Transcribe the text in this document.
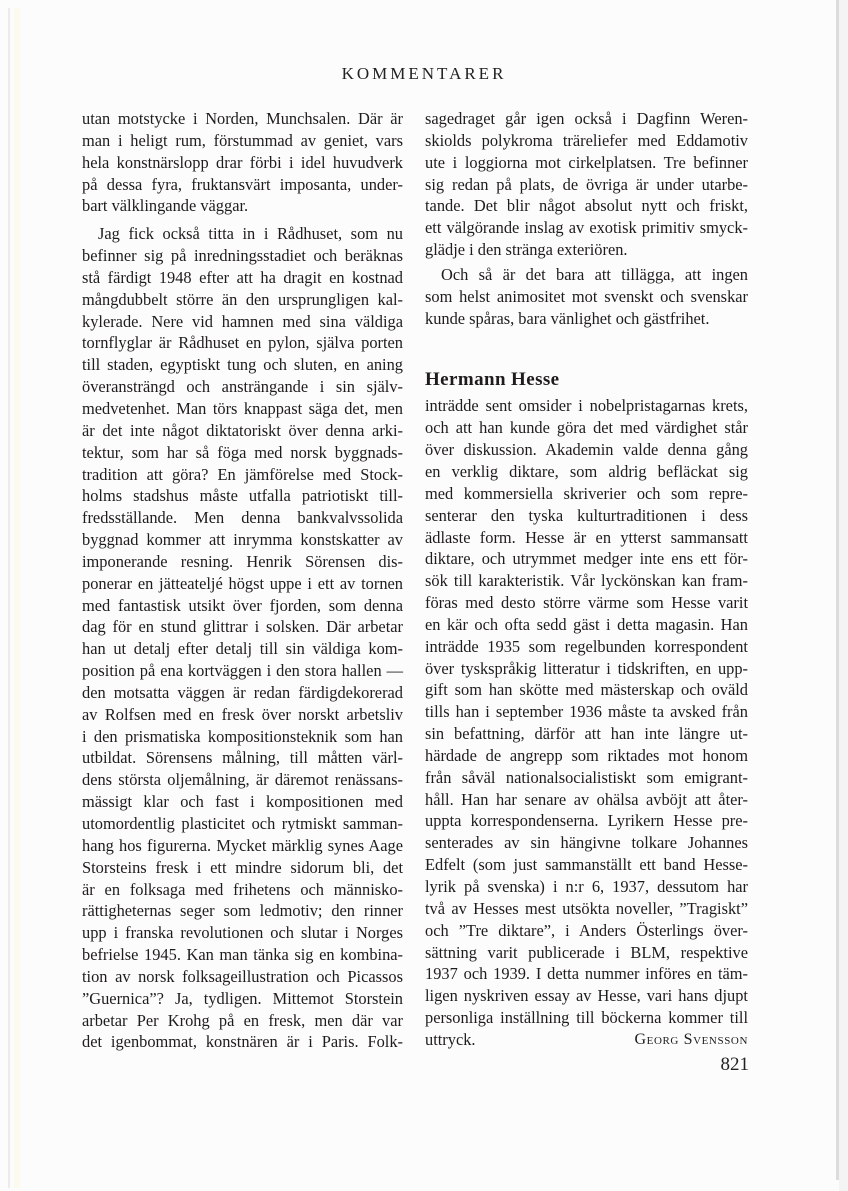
KOMMENTARER
utan motstycke i Norden, Munchsalen. Där är
man i heligt rum, förstummad av geniet, vars
hela konstnärslopp drar förbi i idel huvudverk
på dessa fyra, fruktansvärt imposanta, under-
bart välklingande väggar.
Jag fick också titta in i Rådhuset, som nu
befinner sig på inredningsstadiet och beräknas
stå färdigt 1948 efter att ha dragit en kostnad
mångdubbelt större än den ursprungligen kal-
kylerade. Nere vid hamnen med sina väldiga
tornflyglar är Rådhuset en pylon, själva porten
till staden, egyptiskt tung och sluten, en aning
överansträngd och ansträngande i sin själv-
medvetenhet. Man törs knappast säga det, men
är det inte något diktatoriskt över denna arki-
tektur, som har så föga med norsk byggnads-
tradition att göra? En jämförelse med Stock-
holms stadshus måste utfalla patriotiskt till-
fredsställande. Men denna bankvalvssolida
byggnad kommer att inrymma konstskatter av
imponerande resning. Henrik Sörensen dis-
ponerar en jätteateljé högst uppe i ett av tornen
med fantastisk utsikt över fjorden, som denna
dag för en stund glittrar i solsken. Där arbetar
han ut detalj efter detalj till sin väldiga kom-
position på ena kortväggen i den stora hallen —
den motsatta väggen är redan färdigdekorerad
av Rolfsen med en fresk över norskt arbetsliv
i den prismatiska kompositionsteknik som han
utbildat. Sörensens målning, till måtten värl-
dens största oljemålning, är däremot renässans-
mässigt klar och fast i kompositionen med
utomordentlig plasticitet och rytmiskt samman-
hang hos figurerna. Mycket märklig synes Aage
Storsteins fresk i ett mindre sidorum bli, det
är en folksaga med frihetens och människo-
rättigheternas seger som ledmotiv; den rinner
upp i franska revolutionen och slutar i Norges
befrielse 1945. Kan man tänka sig en kombina-
tion av norsk folksageillustration och Picassos
”Guernica”? Ja, tydligen. Mittemot Storstein
arbetar Per Krohg på en fresk, men där var
det igenbommat, konstnären är i Paris. Folk-
sagedraget går igen också i Dagfinn Weren-
skiolds polykroma träreliefer med Eddamotiv
ute i loggiorna mot cirkelplatsen. Tre befinner
sig redan på plats, de övriga är under utarbe-
tande. Det blir något absolut nytt och friskt,
ett välgörande inslag av exotisk primitiv smyck-
glädje i den stränga exteriören.
Och så är det bara att tillägga, att ingen
som helst animositet mot svenskt och svenskar
kunde spåras, bara vänlighet och gästfrihet.
Hermann Hesse
inträdde sent omsider i nobelpristagarnas krets,
och att han kunde göra det med värdighet står
över diskussion. Akademin valde denna gång
en verklig diktare, som aldrig befläckat sig
med kommersiella skriverier och som repre-
senterar den tyska kulturtraditionen i dess
ädlaste form. Hesse är en ytterst sammansatt
diktare, och utrymmet medger inte ens ett för-
sök till karakteristik. Vår lyckönskan kan fram-
föras med desto större värme som Hesse varit
en kär och ofta sedd gäst i detta magasin. Han
inträdde 1935 som regelbunden korrespondent
över tyskspråkig litteratur i tidskriften, en upp-
gift som han skötte med mästerskap och oväld
tills han i september 1936 måste ta avsked från
sin befattning, därför att han inte längre ut-
härdade de angrepp som riktades mot honom
från såväl nationalsocialistiskt som emigrant-
håll. Han har senare av ohälsa avböjt att åter-
uppta korrespondenserna. Lyrikern Hesse pre-
senterades av sin hängivne tolkare Johannes
Edfelt (som just sammanställt ett band Hesse-
lyrik på svenska) i n:r 6, 1937, dessutom har
två av Hesses mest utsökta noveller, ”Tragiskt”
och ”Tre diktare”, i Anders Österlings över-
sättning varit publicerade i BLM, respektive
1937 och 1939. I detta nummer införes en täm-
ligen nyskriven essay av Hesse, vari hans djupt
personliga inställning till böckerna kommer till
uttryck.	Georg Svensson
821
